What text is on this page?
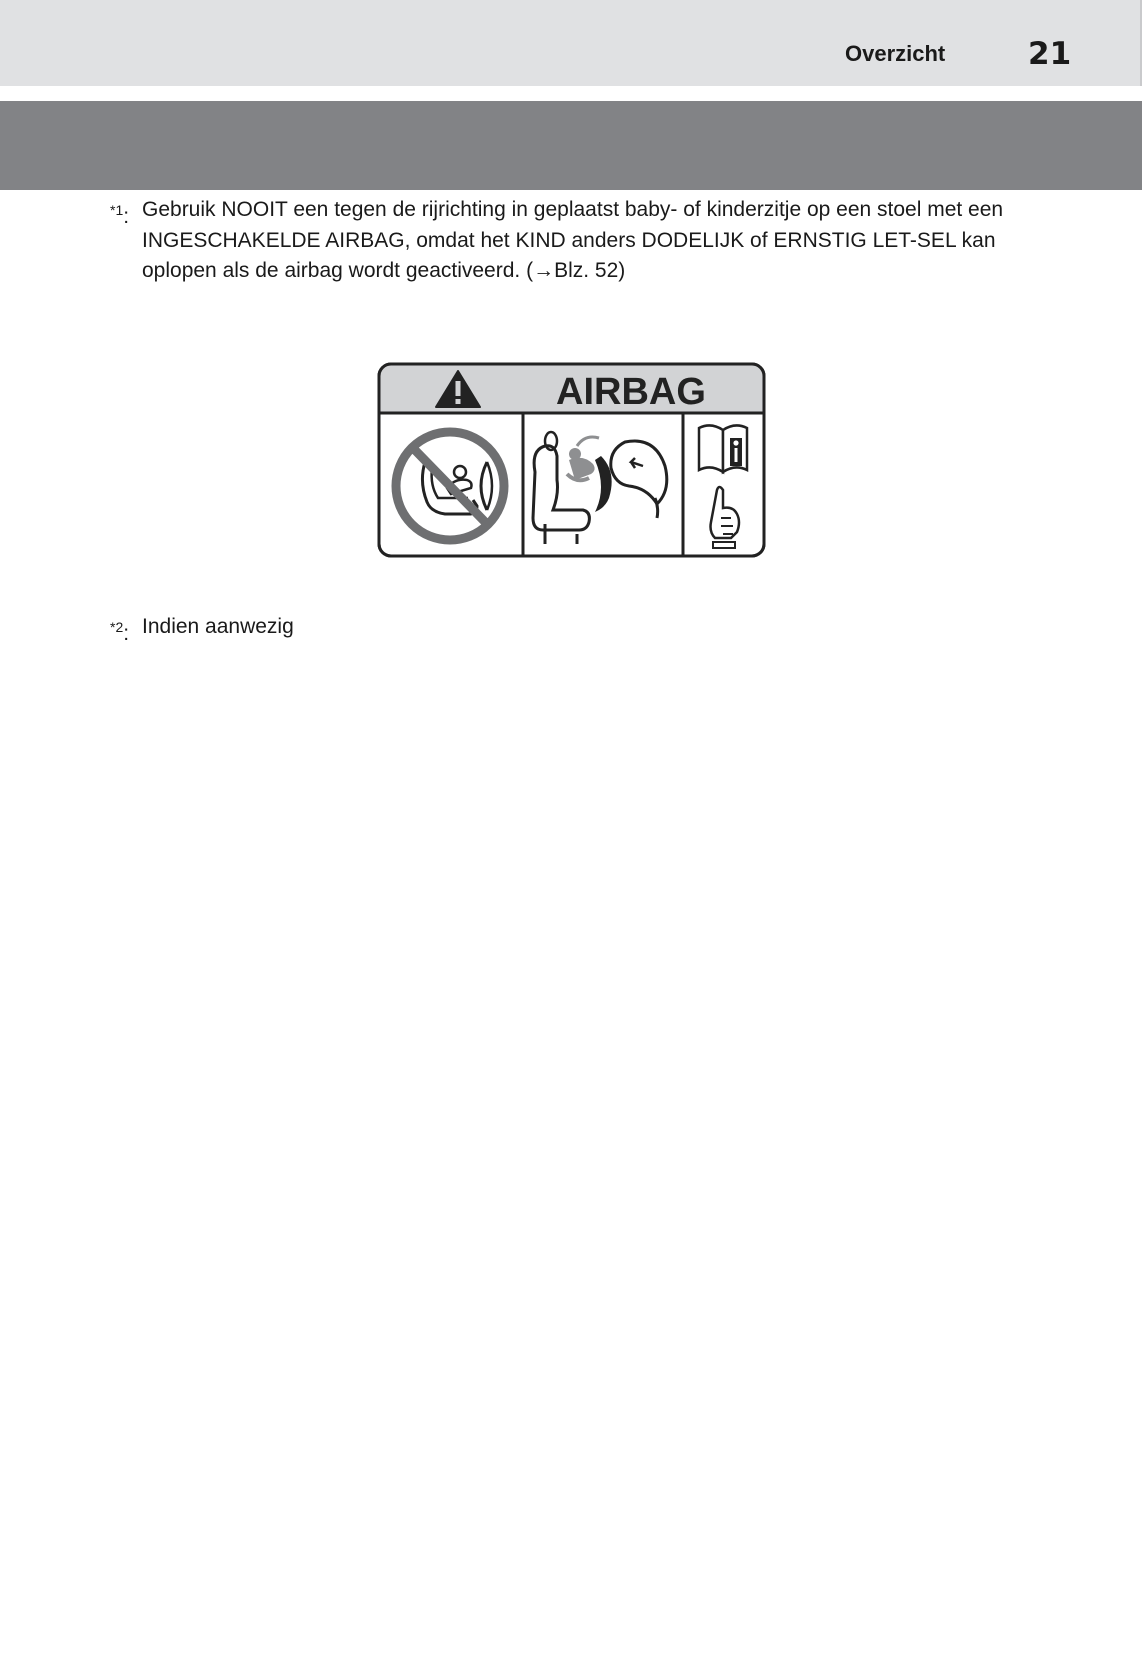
Overzicht	21
$^{*1}$: Gebruik NOOIT een tegen de rijrichting in geplaatst baby- of kinderzitje op een stoel met een INGESCHAKELDE AIRBAG, omdat het KIND anders DODELIJK of ERNSTIG LET-SEL kan oplopen als de airbag wordt geactiveerd. (→Blz. 52)
AIRBAG
$^{*2}$: Indien aanwezig
